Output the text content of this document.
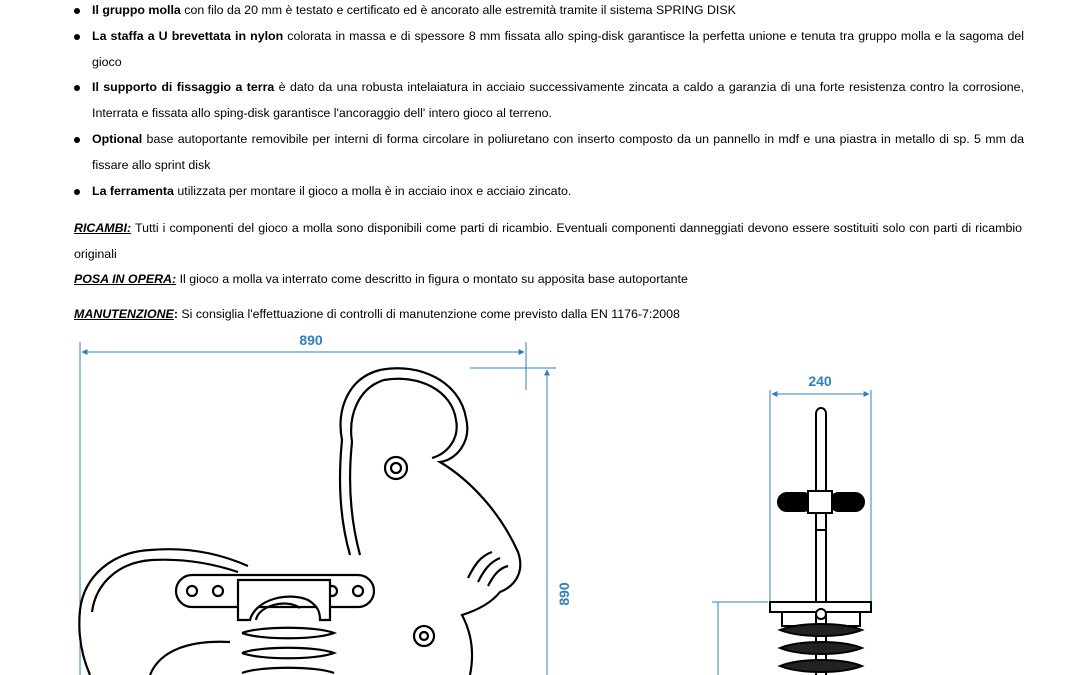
Il gruppo molla con filo da 20 mm è testato e certificato ed è ancorato alle estremità tramite il sistema SPRING DISK
La staffa a U brevettata in nylon colorata in massa e di spessore 8 mm fissata allo sping-disk garantisce la perfetta unione e tenuta tra gruppo molla e la sagoma del gioco
Il supporto di fissaggio a terra è dato da una robusta intelaiatura in acciaio successivamente zincata a caldo a garanzia di una forte resistenza contro la corrosione, Interrata e fissata allo sping-disk garantisce l'ancoraggio dell' intero gioco al terreno.
Optional base autoportante removibile per interni di forma circolare in poliuretano con inserto composto da un pannello in mdf e una piastra in metallo di sp. 5 mm da fissare allo sprint disk
La ferramenta utilizzata per montare il gioco a molla è in acciaio inox e acciaio zincato.
RICAMBI: Tutti i componenti del gioco a molla sono disponibili come parti di ricambio. Eventuali componenti danneggiati devono essere sostituiti solo con parti di ricambio originali
POSA IN OPERA: Il gioco a molla va interrato come descritto in figura o montato su apposita base autoportante
MANUTENZIONE: Si consiglia l'effettuazione di controlli di manutenzione come previsto dalla EN 1176-7:2008
890
890
240
